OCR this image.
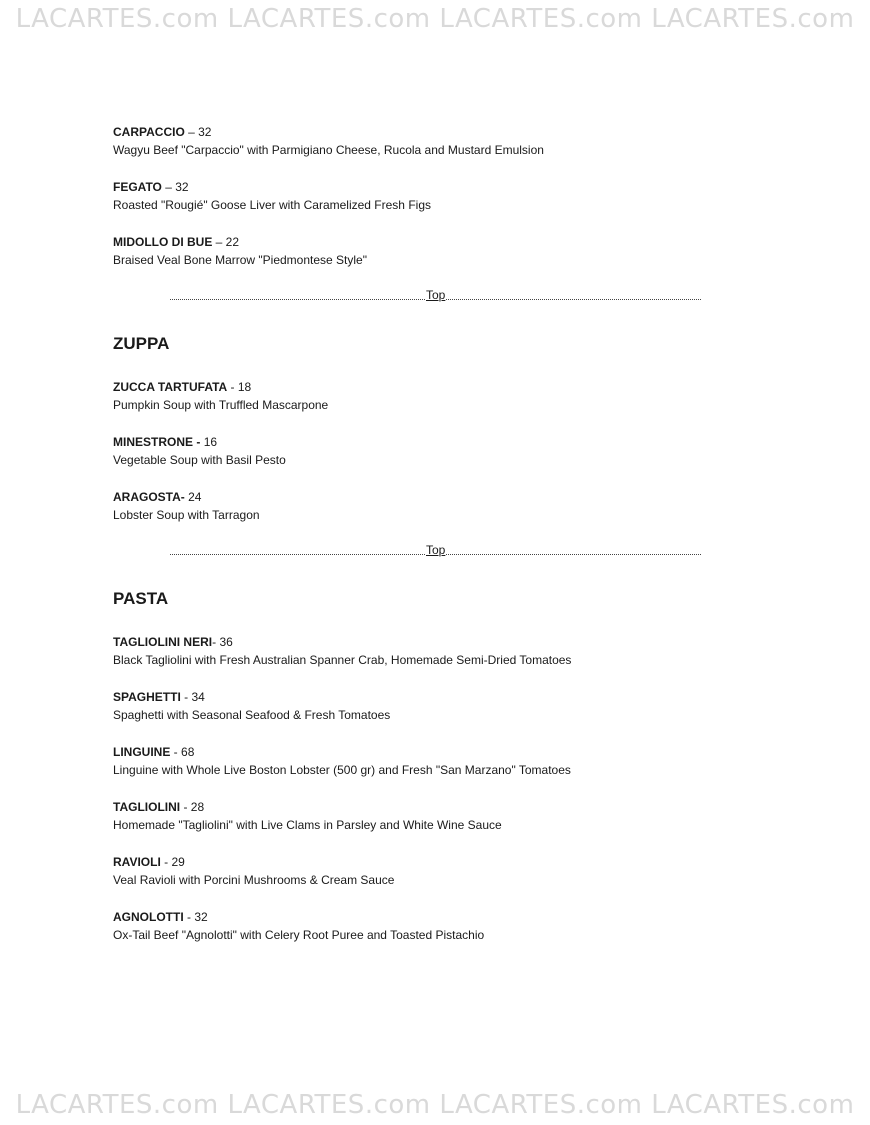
LACARTES.com LACARTES.com LACARTES.com LACARTES.com
CARPACCIO – 32
Wagyu Beef "Carpaccio" with Parmigiano Cheese, Rucola and Mustard Emulsion
FEGATO – 32
Roasted "Rougié" Goose Liver with Caramelized Fresh Figs
MIDOLLO DI BUE – 22
Braised Veal Bone Marrow "Piedmontese Style"
Top
ZUPPA
ZUCCA TARTUFATA - 18
Pumpkin Soup with Truffled Mascarpone
MINESTRONE - 16
Vegetable Soup with Basil Pesto
ARAGOSTA- 24
Lobster Soup with Tarragon
Top
PASTA
TAGLIOLINI NERI- 36
Black Tagliolini with Fresh Australian Spanner Crab, Homemade Semi-Dried Tomatoes
SPAGHETTI - 34
Spaghetti with Seasonal Seafood & Fresh Tomatoes
LINGUINE - 68
Linguine with Whole Live Boston Lobster (500 gr) and Fresh "San Marzano" Tomatoes
TAGLIOLINI - 28
Homemade "Tagliolini" with Live Clams in Parsley and White Wine Sauce
RAVIOLI - 29
Veal Ravioli with Porcini Mushrooms & Cream Sauce
AGNOLOTTI - 32
Ox-Tail Beef "Agnolotti" with Celery Root Puree and Toasted Pistachio
LACARTES.com LACARTES.com LACARTES.com LACARTES.com
